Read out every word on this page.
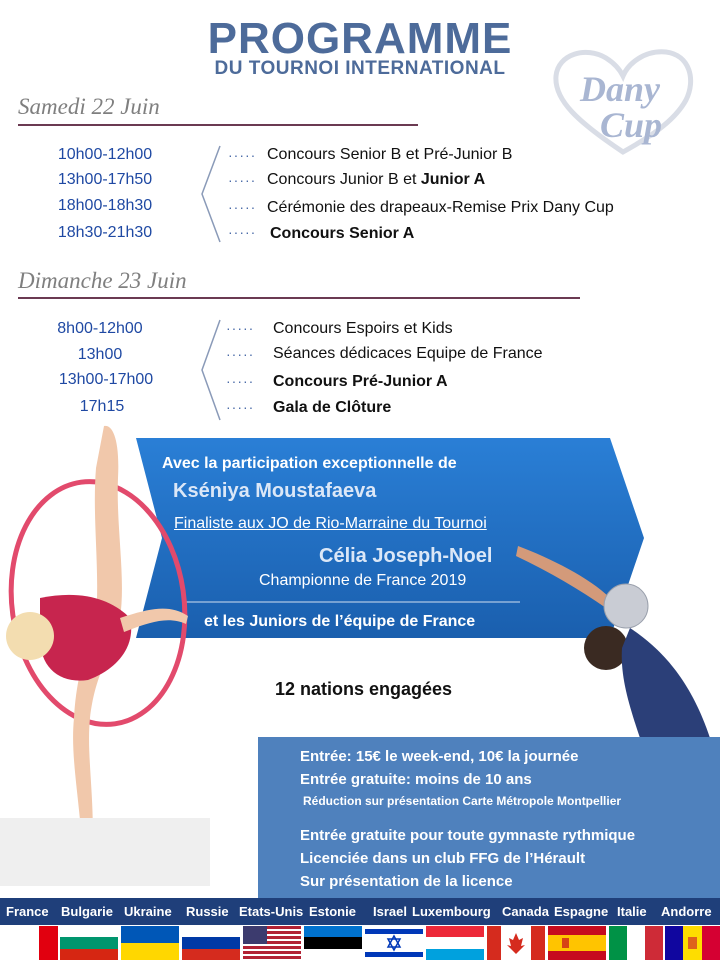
PROGRAMME
DU TOURNOI INTERNATIONAL
Dany
Cup
Samedi 22 Juin
10h00-12h00	····· Concours Senior B et Pré-Junior B
13h00-17h50	····· Concours Junior B et Junior A
18h00-18h30	····· Cérémonie des drapeaux-Remise Prix Dany Cup
18h30-21h30	····· Concours Senior A
Dimanche 23 Juin
8h00-12h00	····· Concours Espoirs et Kids
13h00	····· Séances dédicaces Equipe de France
13h00-17h00	····· Concours Pré-Junior A
17h15	····· Gala de Clôture
Avec la participation exceptionnelle de
Kséniya Moustafaeva
Finaliste aux JO de Rio-Marraine du Tournoi
Célia Joseph-Noel
Championne de France 2019
et les Juniors de l’équipe de France
12 nations engagées
Entrée: 15€ le week-end, 10€ la journée
Entrée gratuite: moins de 10 ans
Réduction sur présentation Carte Métropole Montpellier
Entrée gratuite pour toute gymnaste rythmique
Licenciée dans un club FFG de l’Hérault
Sur présentation de la licence
France Bulgarie Ukraine Russie Etats-Unis Estonie Israel Luxembourg Canada Espagne Italie Andorre
